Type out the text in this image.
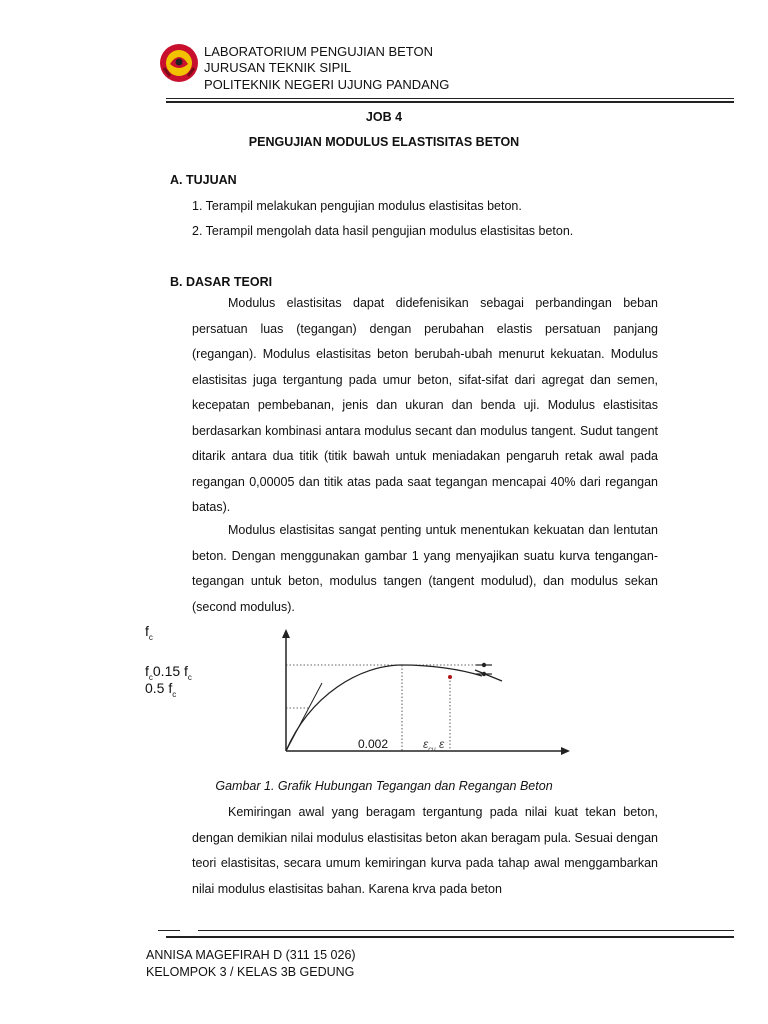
LABORATORIUM PENGUJIAN BETON
JURUSAN TEKNIK SIPIL
POLITEKNIK NEGERI UJUNG PANDANG
JOB 4
PENGUJIAN MODULUS ELASTISITAS BETON
A. TUJUAN
1. Terampil melakukan pengujian modulus elastisitas beton.
2. Terampil mengolah data hasil pengujian modulus elastisitas beton.
B. DASAR TEORI
Modulus elastisitas dapat didefenisikan sebagai perbandingan beban persatuan luas (tegangan) dengan perubahan elastis persatuan panjang (regangan). Modulus elastisitas beton berubah-ubah menurut kekuatan. Modulus elastisitas juga tergantung pada umur beton, sifat-sifat dari agregat dan semen, kecepatan pembebanan, jenis dan ukuran dan benda uji. Modulus elastisitas berdasarkan kombinasi antara modulus secant dan modulus tangent. Sudut tangent ditarik antara dua titik (titik bawah untuk meniadakan pengaruh retak awal pada regangan 0,00005 dan titik atas pada saat tegangan mencapai 40% dari regangan batas).
Modulus elastisitas sangat penting untuk menentukan kekuatan dan lentutan beton. Dengan menggunakan gambar 1 yang menyajikan suatu kurva tengangan-tegangan untuk beton, modulus tangen (tangent modulud), dan modulus sekan (second modulus).
$f_c$
$f_c0.15$ $f_c$
0.5 $f_c$
0.002	$\varepsilon_{cu}$ ε
Gambar 1. Grafik Hubungan Tegangan dan Regangan Beton
Kemiringan awal yang beragam tergantung pada nilai kuat tekan beton, dengan demikian nilai modulus elastisitas beton akan beragam pula. Sesuai dengan teori elastisitas, secara umum kemiringan kurva pada tahap awal menggambarkan nilai modulus elastisitas bahan. Karena krva pada beton
ANNISA MAGEFIRAH D (311 15 026)
KELOMPOK 3 / KELAS 3B GEDUNG
